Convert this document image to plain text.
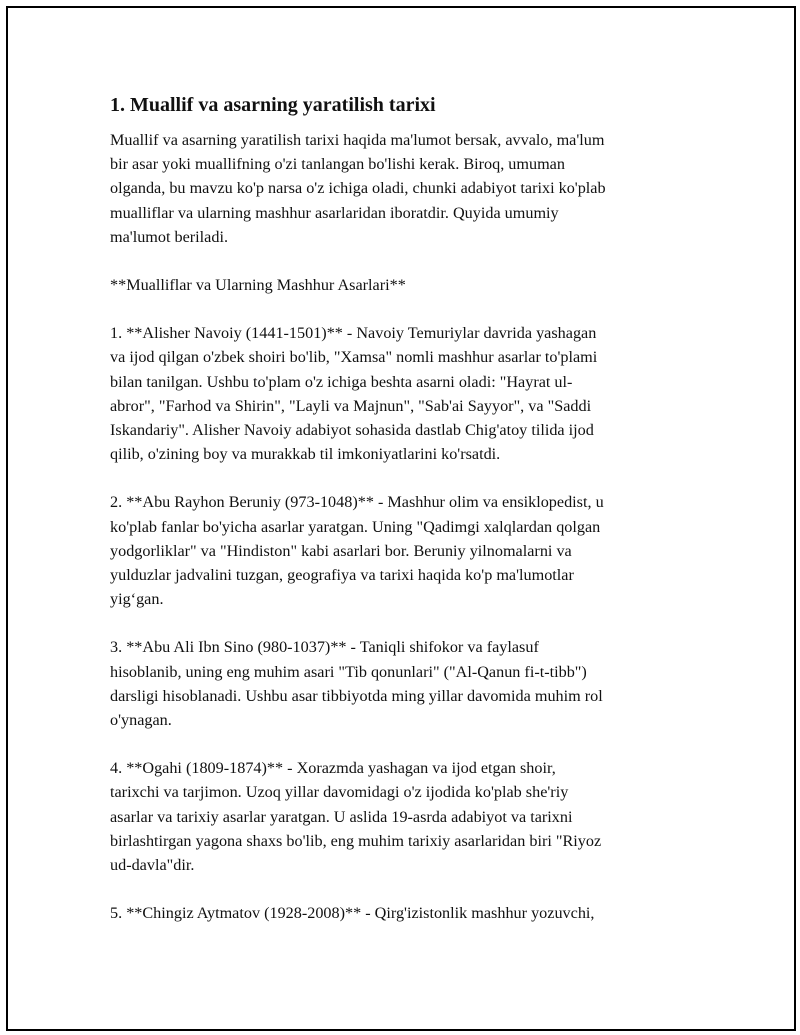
1. Muallif va asarning yaratilish tarixi

Muallif va asarning yaratilish tarixi haqida ma'lumot bersak, avvalo, ma'lum
bir asar yoki muallifning o'zi tanlangan bo'lishi kerak. Biroq, umuman
olganda, bu mavzu ko'p narsa o'z ichiga oladi, chunki adabiyot tarixi ko'plab
mualliflar va ularning mashhur asarlaridan iboratdir. Quyida umumiy
ma'lumot beriladi.

**Mualliflar va Ularning Mashhur Asarlari**

1. **Alisher Navoiy (1441-1501)** - Navoiy Temuriylar davrida yashagan
va ijod qilgan o'zbek shoiri bo'lib, "Xamsa" nomli mashhur asarlar to'plami
bilan tanilgan. Ushbu to'plam o'z ichiga beshta asarni oladi: "Hayrat ul-
abror", "Farhod va Shirin", "Layli va Majnun", "Sab'ai Sayyor", va "Saddi
Iskandariy". Alisher Navoiy adabiyot sohasida dastlab Chig'atoy tilida ijod
qilib, o'zining boy va murakkab til imkoniyatlarini ko'rsatdi.

2. **Abu Rayhon Beruniy (973-1048)** - Mashhur olim va ensiklopedist, u
ko'plab fanlar bo'yicha asarlar yaratgan. Uning "Qadimgi xalqlardan qolgan
yodgorliklar" va "Hindiston" kabi asarlari bor. Beruniy yilnomalarni va
yulduzlar jadvalini tuzgan, geografiya va tarixi haqida ko'p ma'lumotlar
yig‘gan.

3. **Abu Ali Ibn Sino (980-1037)** - Taniqli shifokor va faylasuf
hisoblanib, uning eng muhim asari "Tib qonunlari" ("Al-Qanun fi-t-tibb")
darsligi hisoblanadi. Ushbu asar tibbiyotda ming yillar davomida muhim rol
o'ynagan.

4. **Ogahi (1809-1874)** - Xorazmda yashagan va ijod etgan shoir,
tarixchi va tarjimon. Uzoq yillar davomidagi o'z ijodida ko'plab she'riy
asarlar va tarixiy asarlar yaratgan. U aslida 19-asrda adabiyot va tarixni
birlashtirgan yagona shaxs bo'lib, eng muhim tarixiy asarlaridan biri "Riyoz
ud-davla"dir.

5. **Chingiz Aytmatov (1928-2008)** - Qirg'izistonlik mashhur yozuvchi,
